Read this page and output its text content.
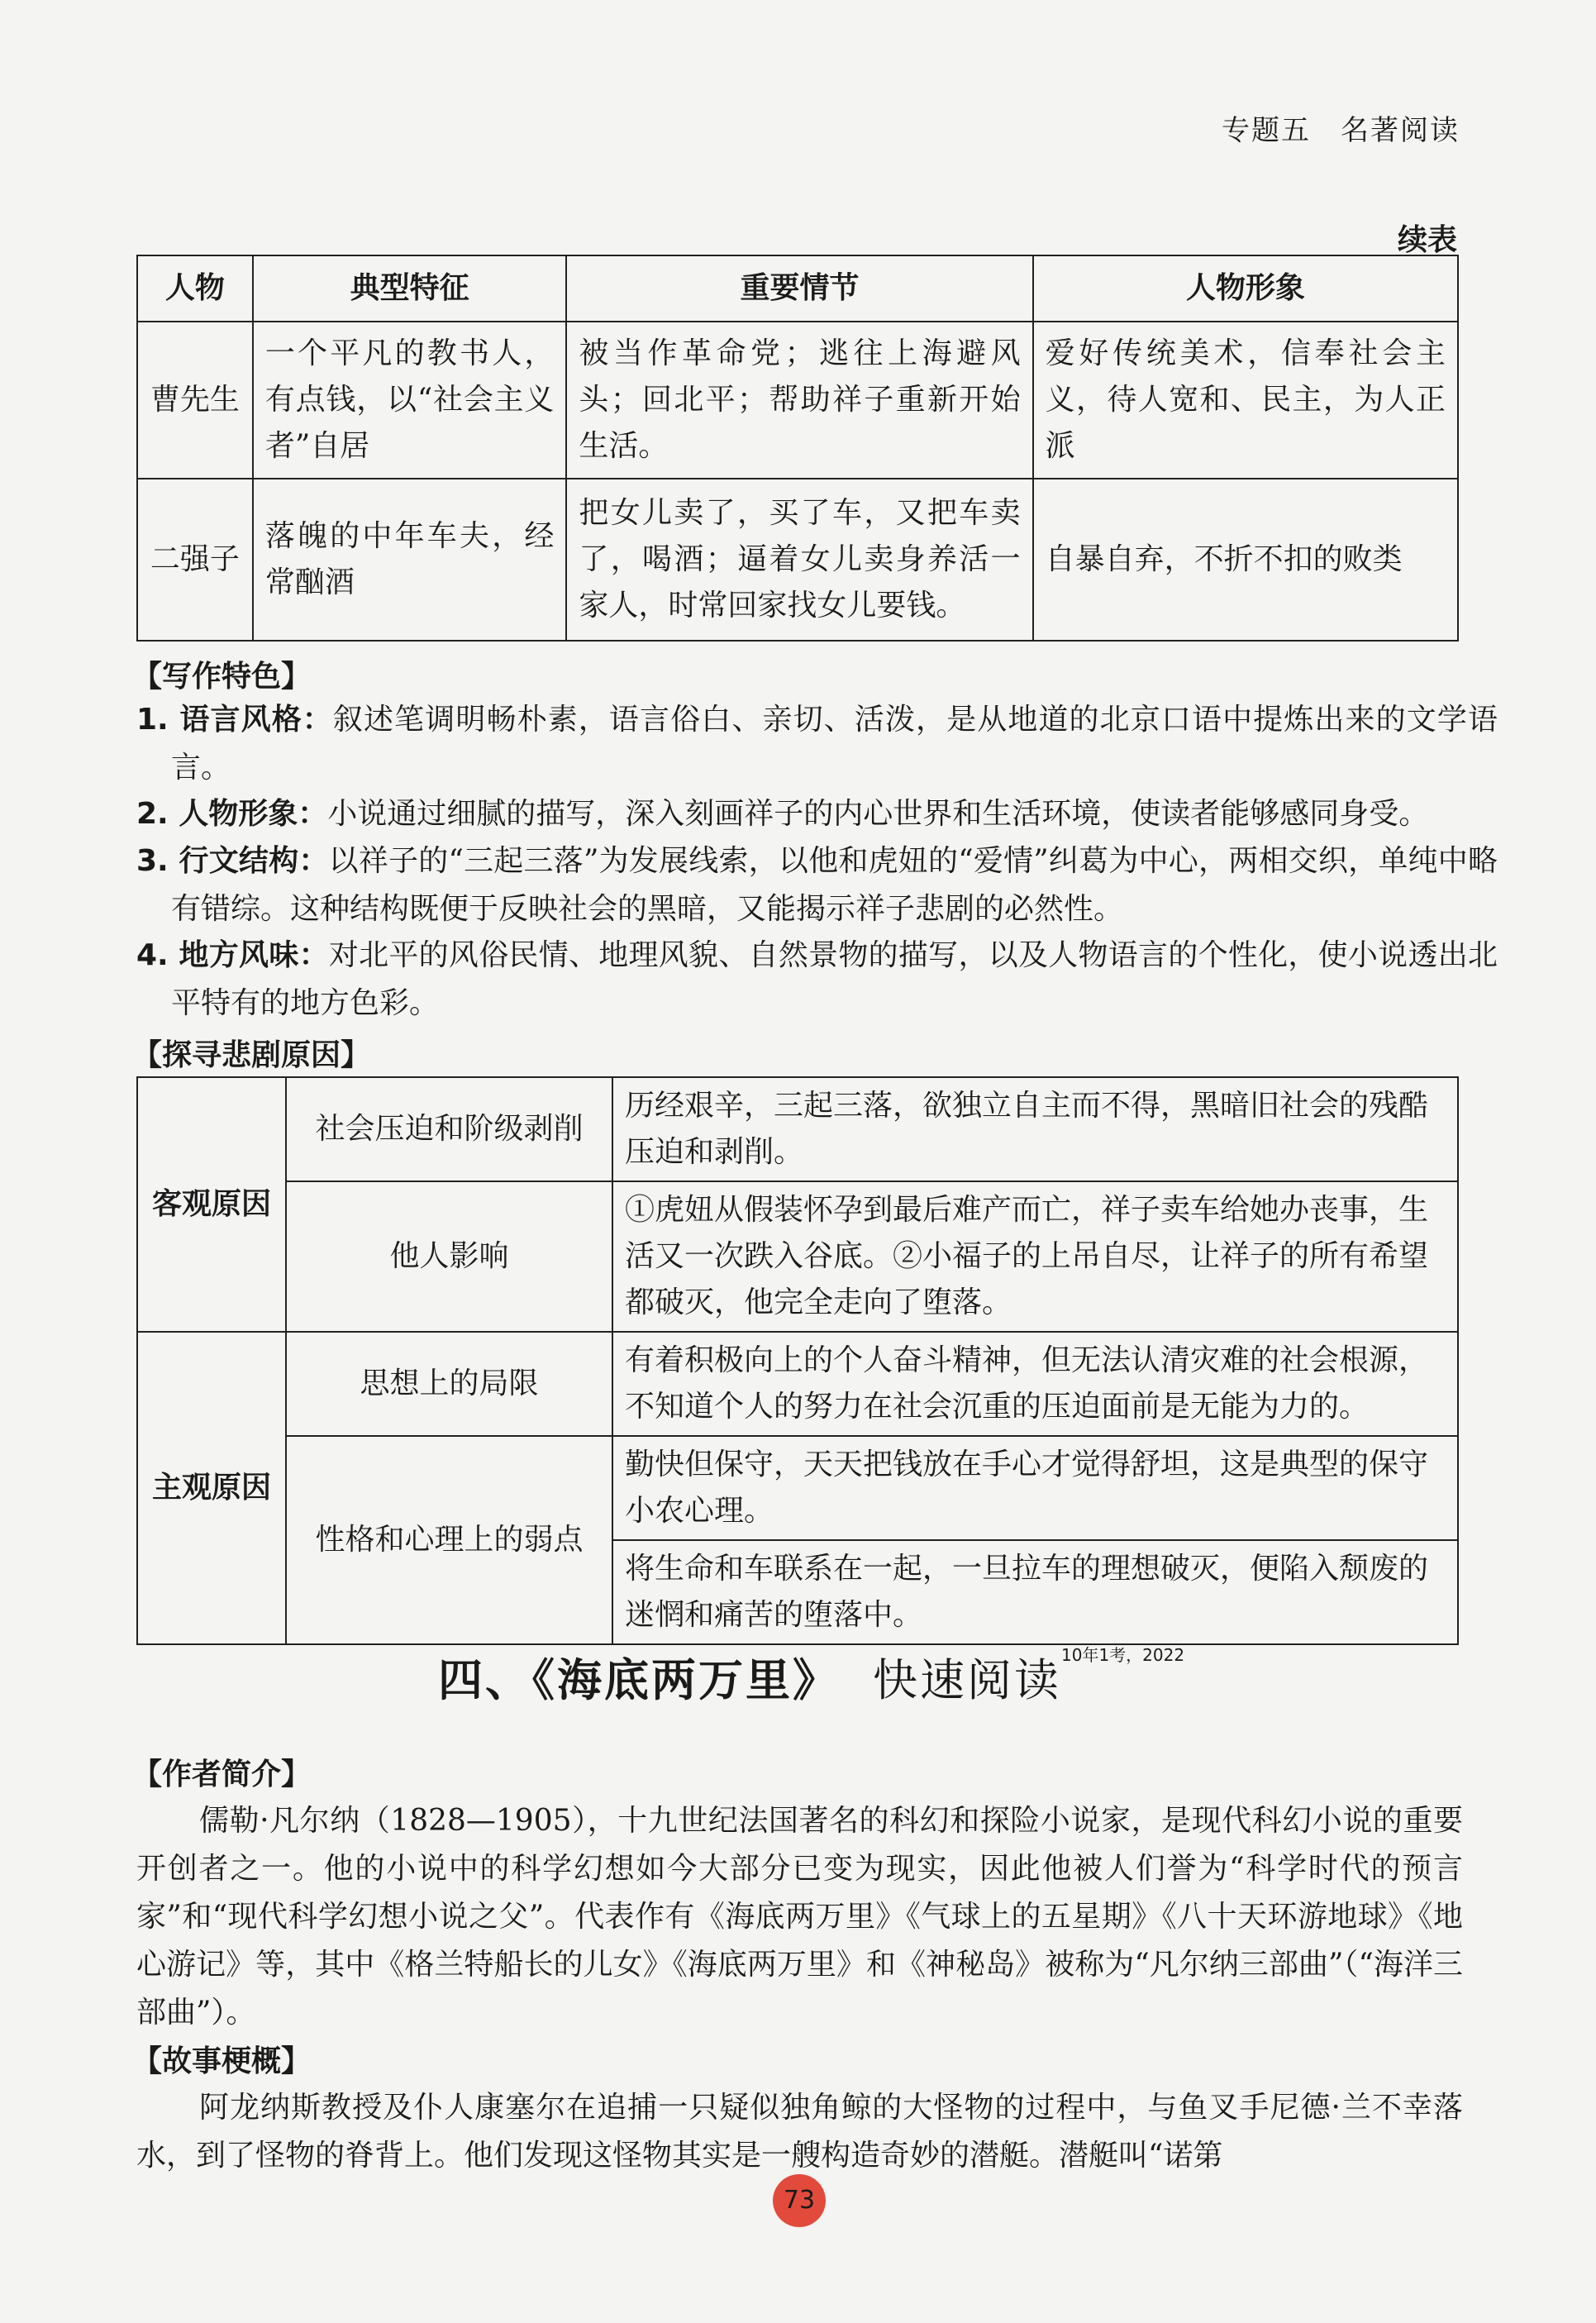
专题五 名著阅读
续表
人物	典型特征	重要情节	人物形象
曹先生	一个平凡的教书人，有点钱，以“社会主义者”自居	被当作革命党；逃往上海避风头；回北平；帮助祥子重新开始生活。	爱好传统美术，信奉社会主义，待人宽和、民主，为人正派
二强子	落魄的中年车夫，经常酗酒	把女儿卖了，买了车，又把车卖了，喝酒；逼着女儿卖身养活一家人，时常回家找女儿要钱。	自暴自弃，不折不扣的败类
【写作特色】
1. 语言风格：叙述笔调明畅朴素，语言俗白、亲切、活泼，是从地道的北京口语中提炼出来的文学语言。
2. 人物形象：小说通过细腻的描写，深入刻画祥子的内心世界和生活环境，使读者能够感同身受。
3. 行文结构：以祥子的“三起三落”为发展线索，以他和虎妞的“爱情”纠葛为中心，两相交织，单纯中略有错综。这种结构既便于反映社会的黑暗，又能揭示祥子悲剧的必然性。
4. 地方风味：对北平的风俗民情、地理风貌、自然景物的描写，以及人物语言的个性化，使小说透出北平特有的地方色彩。
【探寻悲剧原因】
客观原因	社会压迫和阶级剥削	历经艰辛，三起三落，欲独立自主而不得，黑暗旧社会的残酷压迫和剥削。
	他人影响	①虎妞从假装怀孕到最后难产而亡，祥子卖车给她办丧事，生活又一次跌入谷底。②小福子的上吊自尽，让祥子的所有希望都破灭，他完全走向了堕落。
主观原因	思想上的局限	有着积极向上的个人奋斗精神，但无法认清灾难的社会根源，不知道个人的努力在社会沉重的压迫面前是无能为力的。
	性格和心理上的弱点	勤快但保守，天天把钱放在手心才觉得舒坦，这是典型的保守小农心理。
		将生命和车联系在一起，一旦拉车的理想破灭，便陷入颓废的迷惘和痛苦的堕落中。
四、《海底两万里》 快速阅读$^{10年1考,2022}$
【作者简介】
儒勒·凡尔纳（1828—1905），十九世纪法国著名的科幻和探险小说家，是现代科幻小说的重要开创者之一。他的小说中的科学幻想如今大部分已变为现实，因此他被人们誉为“科学时代的预言家”和“现代科学幻想小说之父”。代表作有《海底两万里》《气球上的五星期》《八十天环游地球》《地心游记》等，其中《格兰特船长的儿女》《海底两万里》和《神秘岛》被称为“凡尔纳三部曲”（“海洋三部曲”）。
【故事梗概】
阿龙纳斯教授及仆人康塞尔在追捕一只疑似独角鲸的大怪物的过程中，与鱼叉手尼德·兰不幸落水，到了怪物的脊背上。他们发现这怪物其实是一艘构造奇妙的潜艇。潜艇叫“诺第
73
